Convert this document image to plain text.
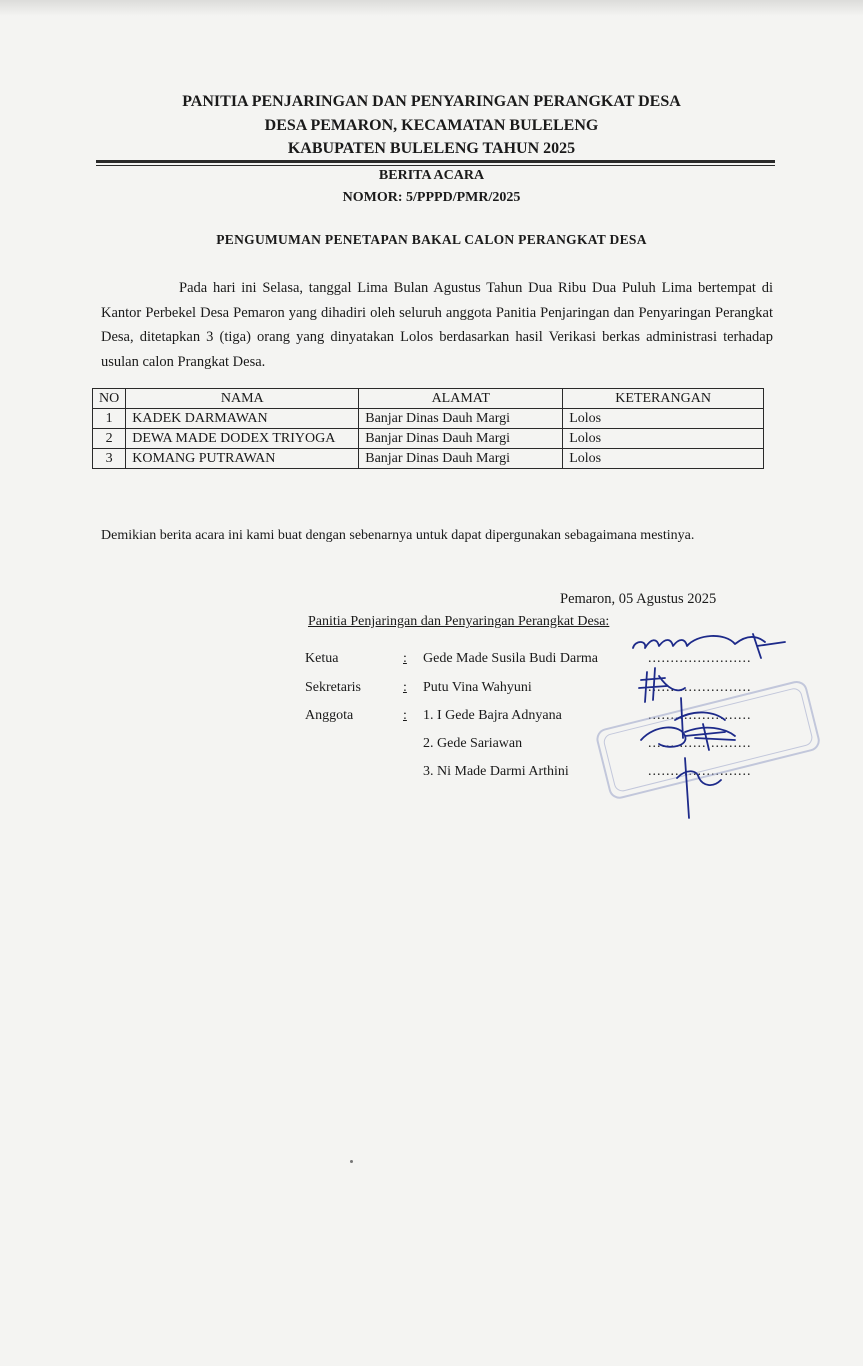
PANITIA PENJARINGAN DAN PENYARINGAN PERANGKAT DESA
DESA PEMARON, KECAMATAN BULELENG
KABUPATEN BULELENG TAHUN 2025
BERITA ACARA
NOMOR: 5/PPPD/PMR/2025
PENGUMUMAN PENETAPAN BAKAL CALON PERANGKAT DESA
Pada hari ini Selasa, tanggal Lima Bulan Agustus Tahun Dua Ribu Dua Puluh Lima bertempat di Kantor Perbekel Desa Pemaron yang dihadiri oleh seluruh anggota Panitia Penjaringan dan Penyaringan Perangkat Desa, ditetapkan 3 (tiga) orang yang dinyatakan Lolos berdasarkan hasil Verikasi berkas administrasi terhadap usulan calon Prangkat Desa.
NO	NAMA	ALAMAT	KETERANGAN
1	KADEK DARMAWAN	Banjar Dinas Dauh Margi	Lolos
2	DEWA MADE DODEX TRIYOGA	Banjar Dinas Dauh Margi	Lolos
3	KOMANG PUTRAWAN	Banjar Dinas Dauh Margi	Lolos
Demikian berita acara ini kami buat dengan sebenarnya untuk dapat dipergunakan sebagaimana mestinya.
Pemaron, 05 Agustus 2025
Panitia Penjaringan dan Penyaringan Perangkat Desa:
Ketua	: Gede Made Susila Budi Darma	.......................
Sekretaris	: Putu Vina Wahyuni	.......................
Anggota	: 1. I Gede Bajra Adnyana	.......................
2. Gede Sariawan	.......................
3. Ni Made Darmi Arthini	.......................
